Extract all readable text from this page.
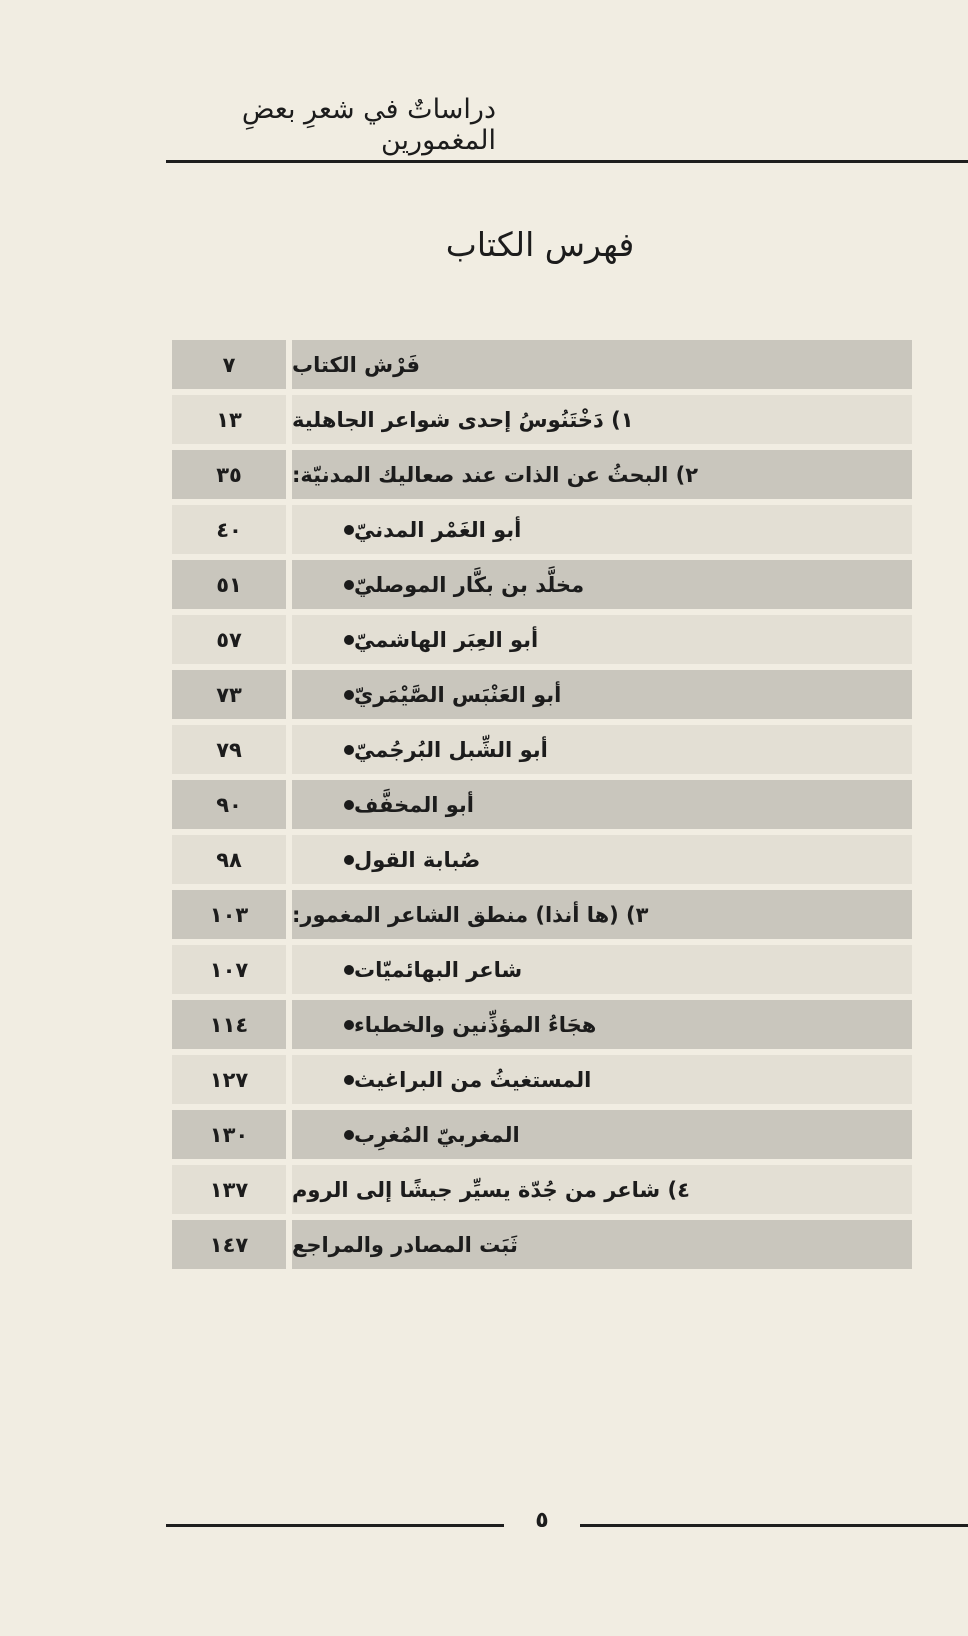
دراساتٌ في شعرِ بعضِ المغمورين
فهرس الكتاب
فَرْش الكتاب
٧
١) دَخْتَنُوسُ إحدى شواعر الجاهلية
١٣
٢) البحثُ عن الذات عند صعاليك المدنيّة:
٣٥
أبو الغَمْر المدنيّ
٤٠
مخلَّد بن بكَّار الموصليّ
٥١
أبو العِبَر الهاشميّ
٥٧
أبو العَنْبَس الصَّيْمَريّ
٧٣
أبو الشِّبل البُرجُميّ
٧٩
أبو المخفَّف
٩٠
صُبابة القول
٩٨
٣) (ها أنذا) منطق الشاعر المغمور:
١٠٣
شاعر البهائميّات
١٠٧
هجَاءُ المؤذِّنين والخطباء
١١٤
المستغيثُ من البراغيث
١٢٧
المغربيّ المُغرِب
١٣٠
٤) شاعر من جُدّة يسيِّر جيشًا إلى الروم
١٣٧
ثَبَت المصادر والمراجع
١٤٧
٥
